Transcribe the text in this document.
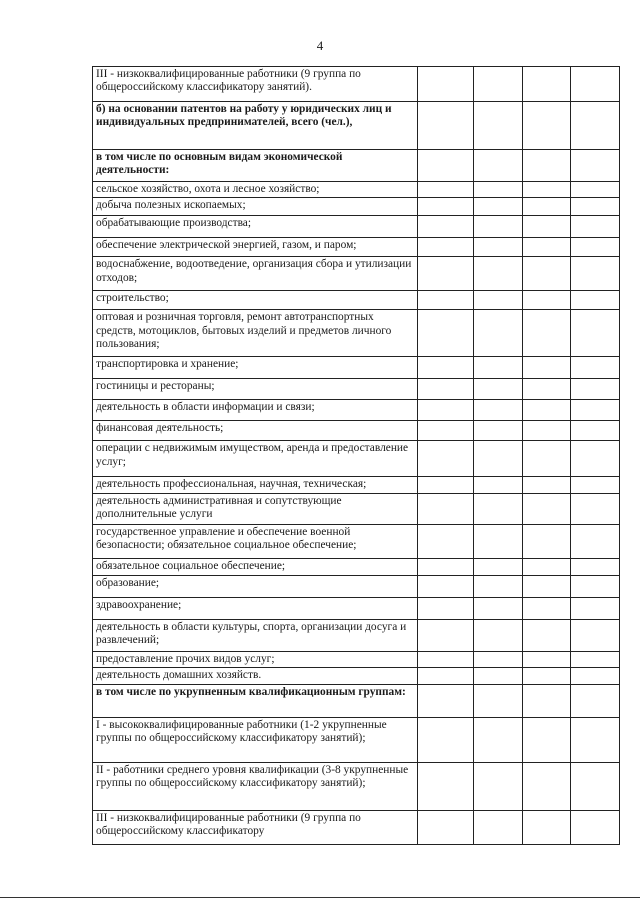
4
III - низкоквалифицированные работники (9 группа по общероссийскому классификатору занятий).				
б) на основании патентов на работу у юридических лиц и индивидуальных предпринимателей, всего (чел.),				
в том числе по основным видам экономической деятельности:				
сельское хозяйство, охота и лесное хозяйство;				
добыча полезных ископаемых;				
обрабатывающие производства;				
обеспечение электрической энергией, газом, и паром;				
водоснабжение, водоотведение, организация сбора и утилизации отходов;				
строительство;				
оптовая и розничная торговля, ремонт автотранспортных средств, мотоциклов, бытовых изделий и предметов личного пользования;				
транспортировка и хранение;				
гостиницы и рестораны;				
деятельность в области информации и связи;				
финансовая деятельность;				
операции с недвижимым имуществом, аренда и предоставление услуг;				
деятельность профессиональная, научная, техническая;				
деятельность административная и сопутствующие дополнительные услуги				
государственное управление и обеспечение военной безопасности; обязательное социальное обеспечение;				
обязательное социальное обеспечение;				
образование;				
здравоохранение;				
деятельность в области культуры, спорта, организации досуга и развлечений;				
предоставление прочих видов услуг;				
деятельность домашних хозяйств.				
в том числе по укрупненным квалификационным группам:				
I - высококвалифицированные работники (1-2 укрупненные группы по общероссийскому классификатору занятий);				
II - работники среднего уровня квалификации (3-8 укрупненные группы по общероссийскому классификатору занятий);				
III - низкоквалифицированные работники (9 группа по общероссийскому классификатору				
